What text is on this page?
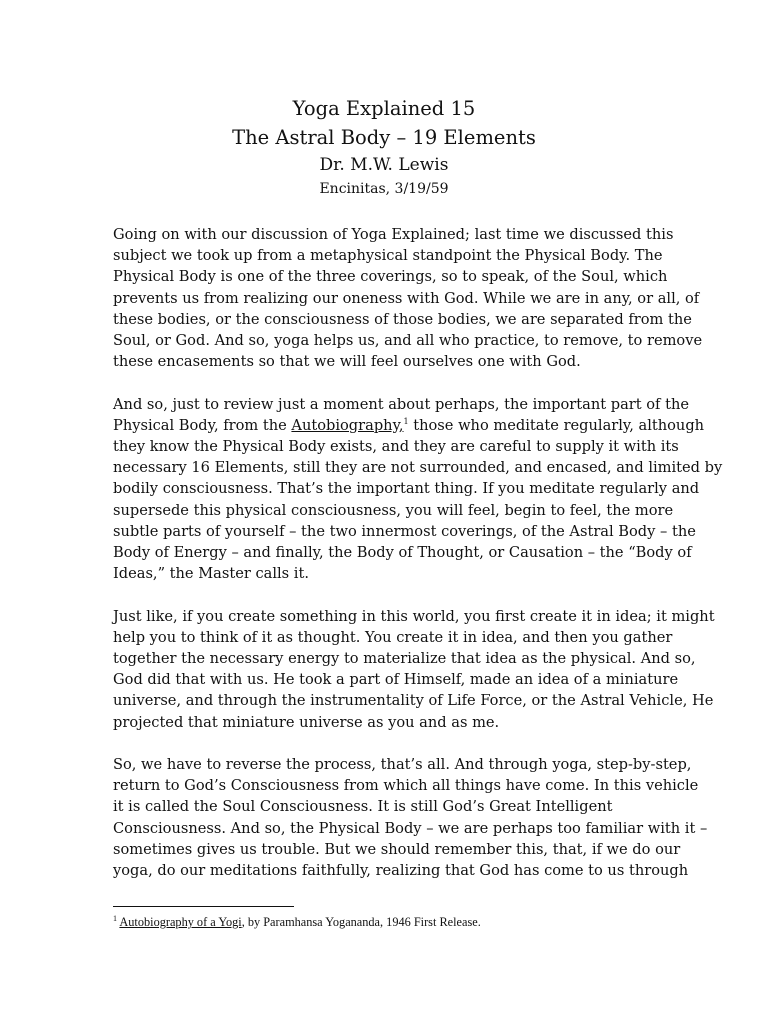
Yoga Explained 15
The Astral Body – 19 Elements
Dr. M.W. Lewis
Encinitas, 3/19/59

Going on with our discussion of Yoga Explained; last time we discussed this
subject we took up from a metaphysical standpoint the Physical Body. The
Physical Body is one of the three coverings, so to speak, of the Soul, which
prevents us from realizing our oneness with God. While we are in any, or all, of
these bodies, or the consciousness of those bodies, we are separated from the
Soul, or God. And so, yoga helps us, and all who practice, to remove, to remove
these encasements so that we will feel ourselves one with God.

And so, just to review just a moment about perhaps, the important part of the
Physical Body, from the Autobiography,$^1$ those who meditate regularly, although
they know the Physical Body exists, and they are careful to supply it with its
necessary 16 Elements, still they are not surrounded, and encased, and limited by
bodily consciousness. That’s the important thing. If you meditate regularly and
supersede this physical consciousness, you will feel, begin to feel, the more
subtle parts of yourself – the two innermost coverings, of the Astral Body – the
Body of Energy – and finally, the Body of Thought, or Causation – the “Body of
Ideas,” the Master calls it.

Just like, if you create something in this world, you first create it in idea; it might
help you to think of it as thought. You create it in idea, and then you gather
together the necessary energy to materialize that idea as the physical. And so,
God did that with us. He took a part of Himself, made an idea of a miniature
universe, and through the instrumentality of Life Force, or the Astral Vehicle, He
projected that miniature universe as you and as me.

So, we have to reverse the process, that’s all. And through yoga, step-by-step,
return to God’s Consciousness from which all things have come. In this vehicle
it is called the Soul Consciousness. It is still God’s Great Intelligent
Consciousness. And so, the Physical Body – we are perhaps too familiar with it –
sometimes gives us trouble. But we should remember this, that, if we do our
yoga, do our meditations faithfully, realizing that God has come to us through

$^1$ Autobiography of a Yogi, by Paramhansa Yogananda, 1946 First Release.
